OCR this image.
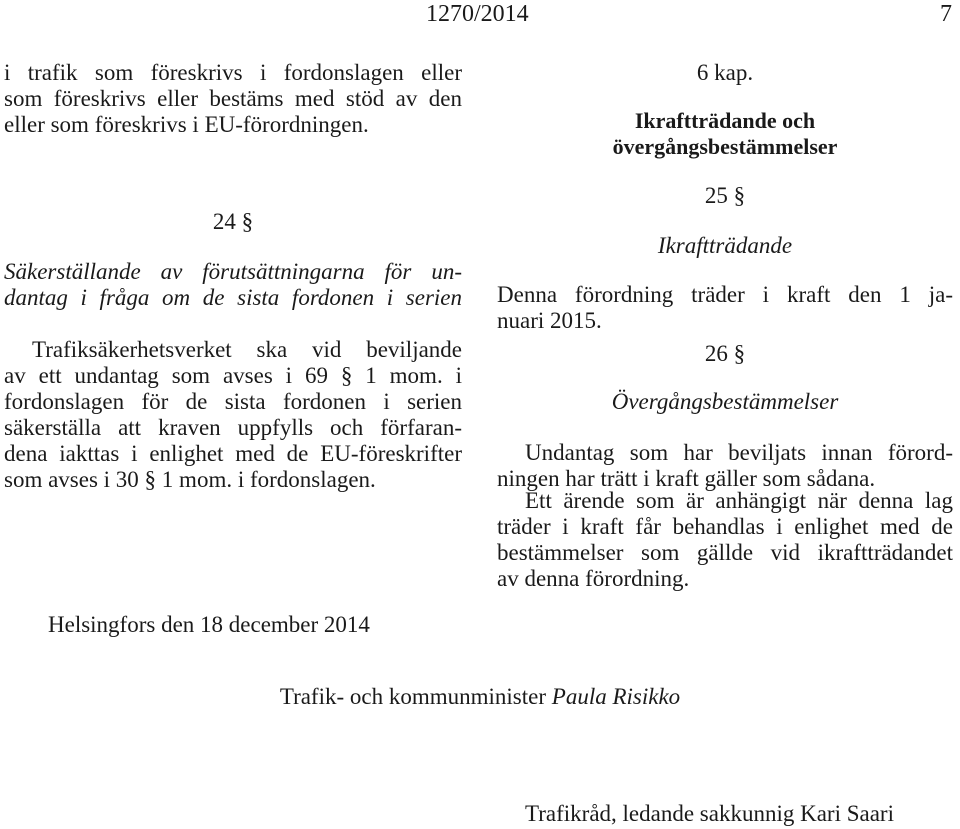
1270/2014	7
i trafik som föreskrivs i fordonslagen eller
som föreskrivs eller bestäms med stöd av den
eller som föreskrivs i EU-förordningen.
24 §
Säkerställande av förutsättningarna för un-
dantag i fråga om de sista fordonen i serien
Trafiksäkerhetsverket ska vid beviljande
av ett undantag som avses i 69 § 1 mom. i
fordonslagen för de sista fordonen i serien
säkerställa att kraven uppfylls och förfaran-
dena iakttas i enlighet med de EU-föreskrifter
som avses i 30 § 1 mom. i fordonslagen.
6 kap.
Ikraftträdande och
övergångsbestämmelser
25 §
Ikraftträdande
Denna förordning träder i kraft den 1 ja-
nuari 2015.
26 §
Övergångsbestämmelser
Undantag som har beviljats innan förord-
ningen har trätt i kraft gäller som sådana.
Ett ärende som är anhängigt när denna lag
träder i kraft får behandlas i enlighet med de
bestämmelser som gällde vid ikraftträdandet
av denna förordning.
Helsingfors den 18 december 2014
Trafik- och kommunminister Paula Risikko
Trafikråd, ledande sakkunnig Kari Saari
